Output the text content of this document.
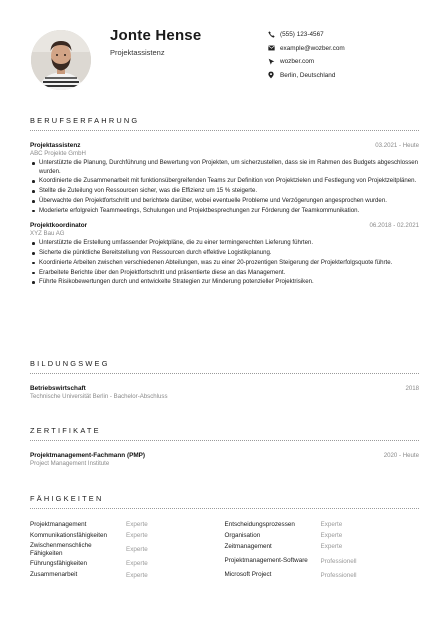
Jonte Hense
Projektassistenz
(555) 123-4567
example@wozber.com
wozber.com
Berlin, Deutschland
BERUFSERFAHRUNG
Projektassistenz
ABC Projekte GmbH
03.2021 - Heute
Unterstützte die Planung, Durchführung und Bewertung von Projekten, um sicherzustellen, dass sie im Rahmen des Budgets abgeschlossen wurden.
Koordinierte die Zusammenarbeit mit funktionsübergreifenden Teams zur Definition von Projektzielen und Festlegung von Projektzeitplänen.
Stellte die Zuteilung von Ressourcen sicher, was die Effizienz um 15 % steigerte.
Überwachte den Projektfortschritt und berichtete darüber, wobei eventuelle Probleme und Verzögerungen angesprochen wurden.
Moderierte erfolgreich Teammeetings, Schulungen und Projektbesprechungen zur Förderung der Teamkommunikation.
Projektkoordinator
XYZ Bau AG
06.2018 - 02.2021
Unterstützte die Erstellung umfassender Projektpläne, die zu einer termingerechten Lieferung führten.
Sicherte die pünktliche Bereitstellung von Ressourcen durch effektive Logistikplanung.
Koordinierte Arbeiten zwischen verschiedenen Abteilungen, was zu einer 20-prozentigen Steigerung der Projekterfolgsquote führte.
Erarbeitete Berichte über den Projektfortschritt und präsentierte diese an das Management.
Führte Risikobewertungen durch und entwickelte Strategien zur Minderung potenzieller Projektrisiken.
BILDUNGSWEG
Betriebswirtschaft
Technische Universität Berlin - Bachelor-Abschluss
2018
ZERTIFIKATE
Projektmanagement-Fachmann (PMP)
Project Management Institute
2020 - Heute
FÄHIGKEITEN
Projektmanagement	Experte
Kommunikationsfähigkeiten	Experte
Zwischenmenschliche Fähigkeiten	Experte
Führungsfähigkeiten	Experte
Zusammenarbeit	Experte
Entscheidungsprozessen	Experte
Organisation	Experte
Zeitmanagement	Experte
Projektmanagement-Software	Professionell
Microsoft Project	Professionell
